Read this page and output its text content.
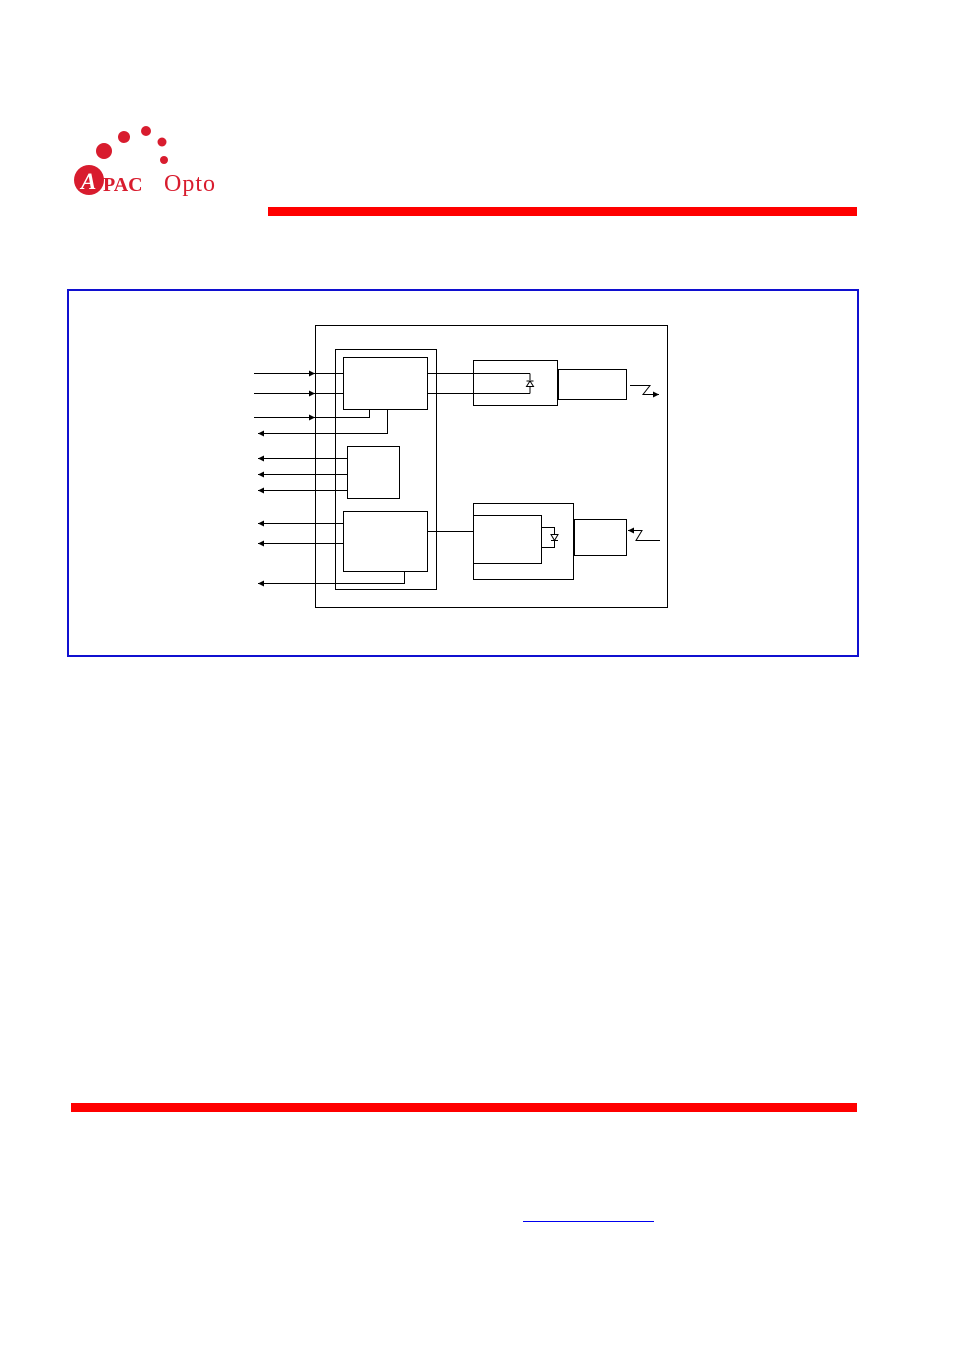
A PAC Opto
